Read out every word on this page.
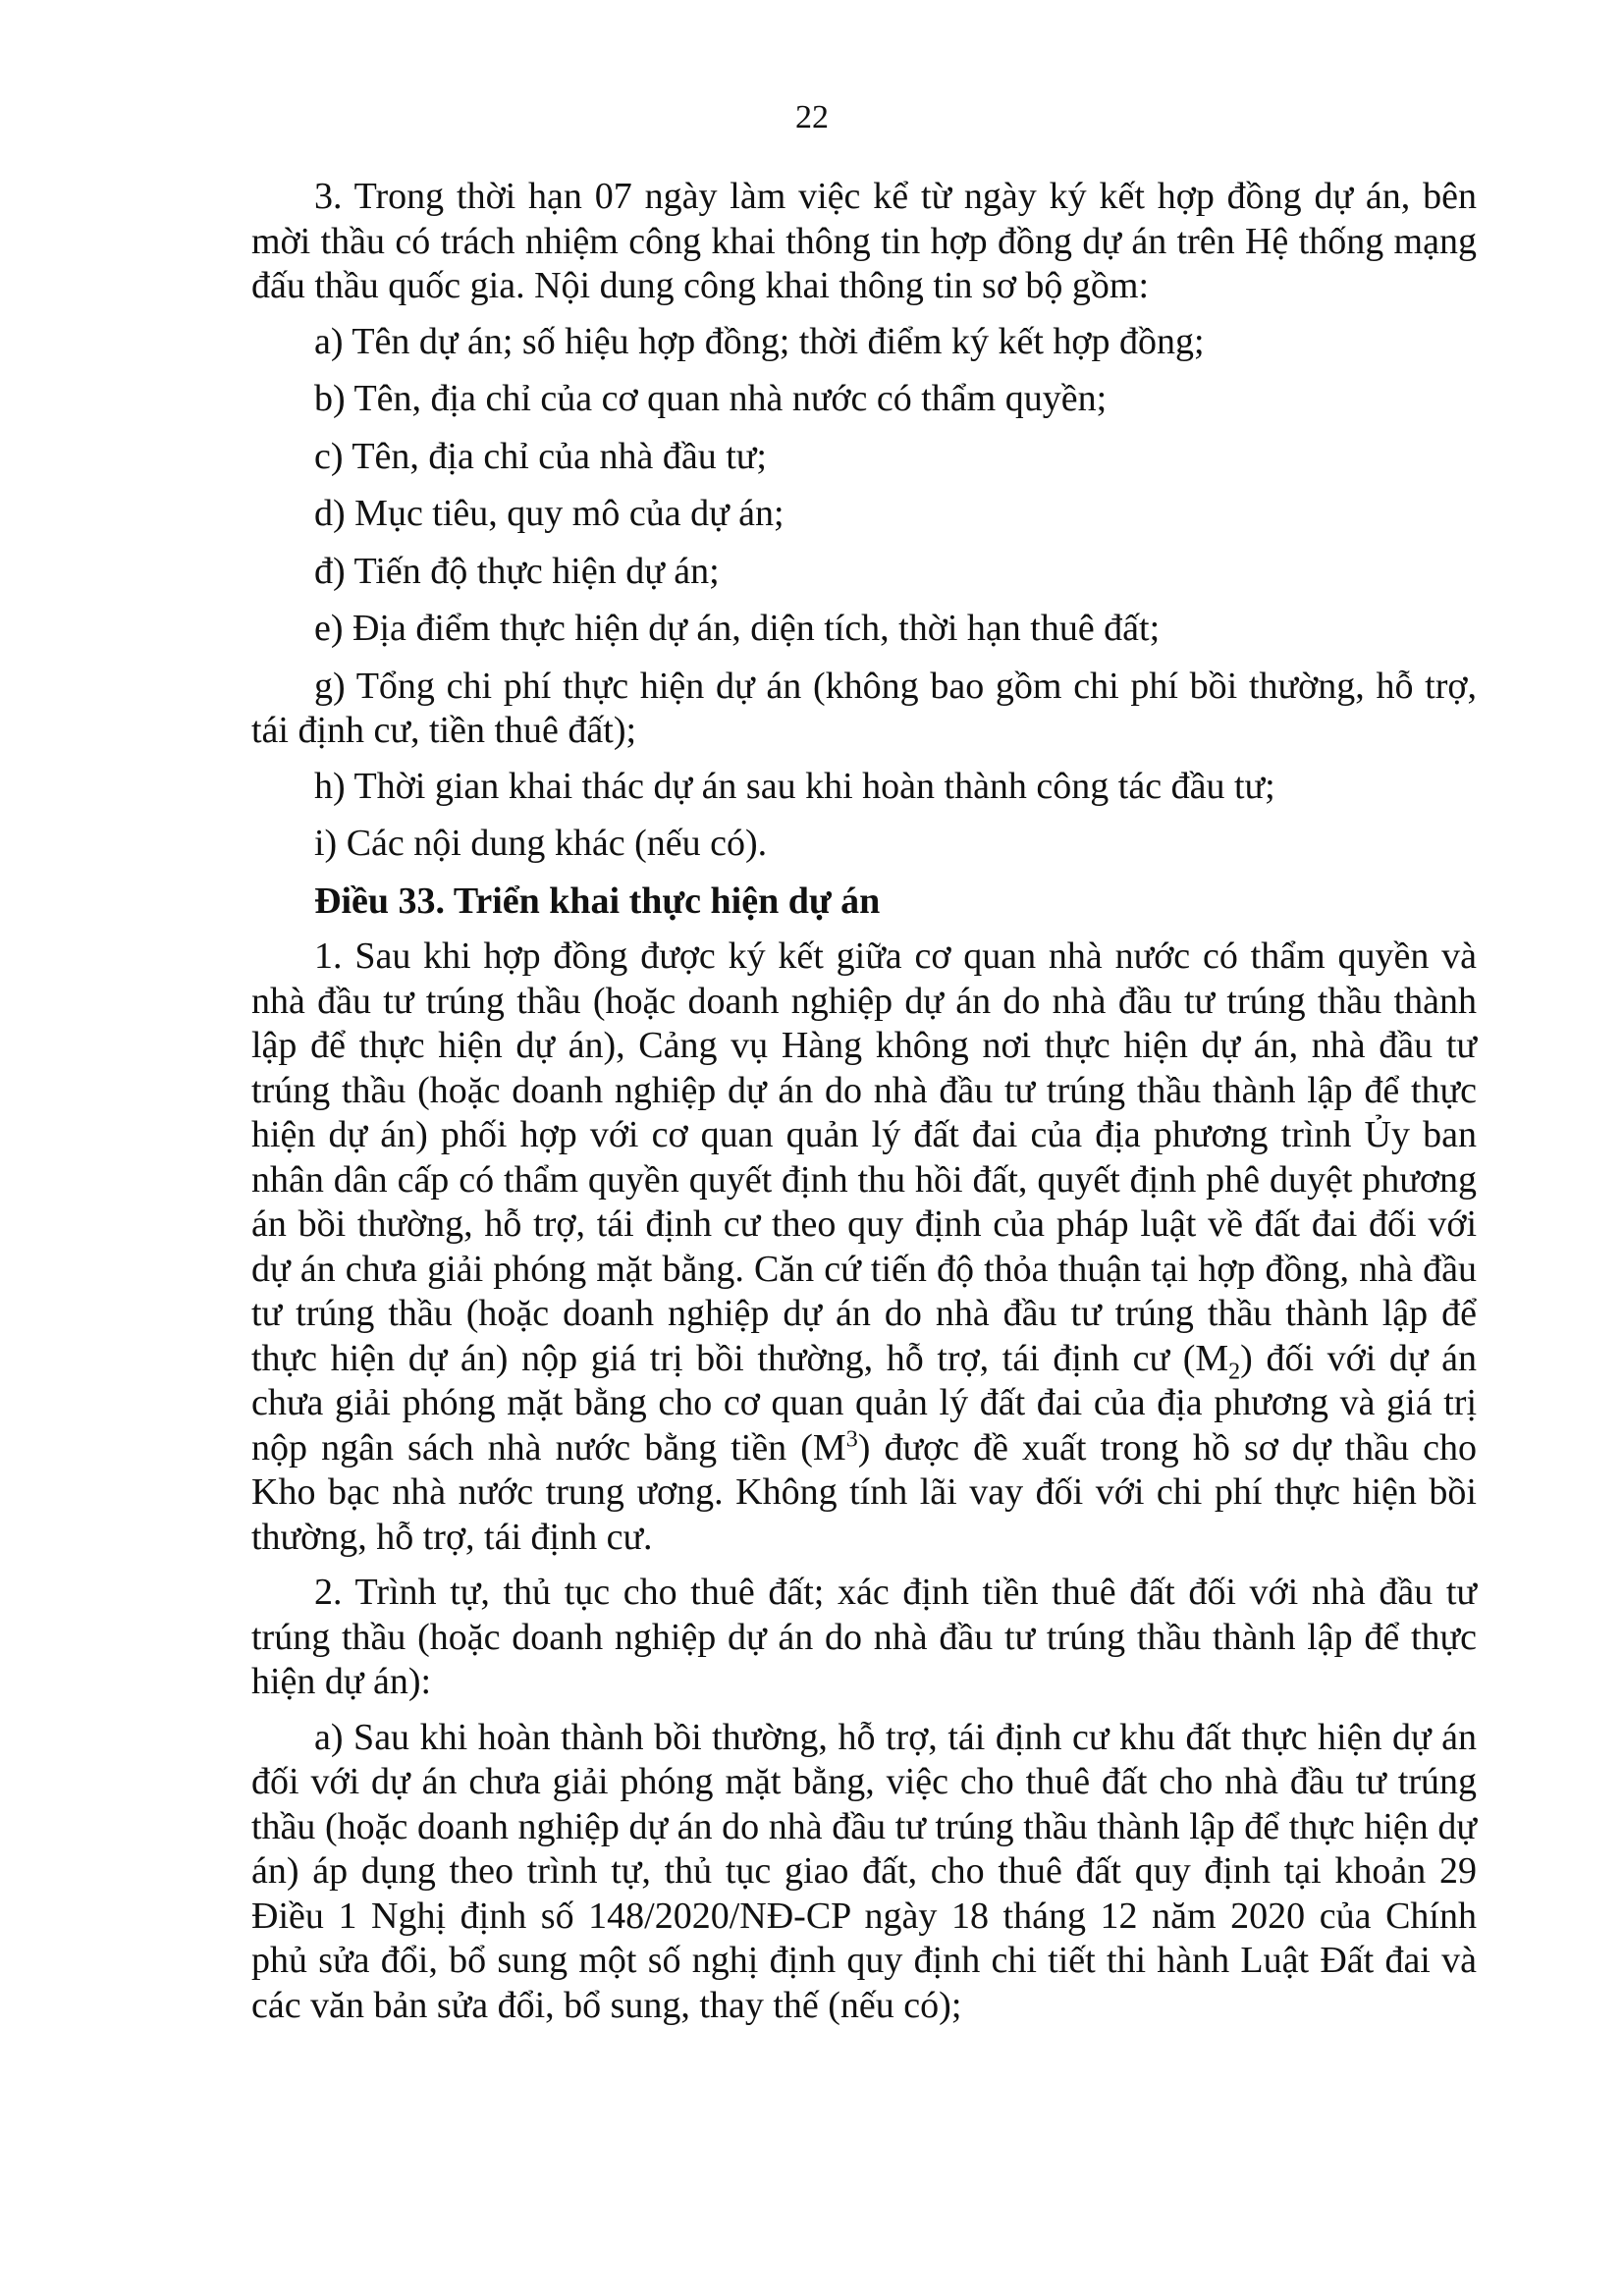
22

3. Trong thời hạn 07 ngày làm việc kể từ ngày ký kết hợp đồng dự án, bên mời thầu có trách nhiệm công khai thông tin hợp đồng dự án trên Hệ thống mạng đấu thầu quốc gia. Nội dung công khai thông tin sơ bộ gồm:

a) Tên dự án; số hiệu hợp đồng; thời điểm ký kết hợp đồng;

b) Tên, địa chỉ của cơ quan nhà nước có thẩm quyền;

c) Tên, địa chỉ của nhà đầu tư;

d) Mục tiêu, quy mô của dự án;

đ) Tiến độ thực hiện dự án;

e) Địa điểm thực hiện dự án, diện tích, thời hạn thuê đất;

g) Tổng chi phí thực hiện dự án (không bao gồm chi phí bồi thường, hỗ trợ, tái định cư, tiền thuê đất);

h) Thời gian khai thác dự án sau khi hoàn thành công tác đầu tư;

i) Các nội dung khác (nếu có).

Điều 33. Triển khai thực hiện dự án

1. Sau khi hợp đồng được ký kết giữa cơ quan nhà nước có thẩm quyền và nhà đầu tư trúng thầu (hoặc doanh nghiệp dự án do nhà đầu tư trúng thầu thành lập để thực hiện dự án), Cảng vụ Hàng không nơi thực hiện dự án, nhà đầu tư trúng thầu (hoặc doanh nghiệp dự án do nhà đầu tư trúng thầu thành lập để thực hiện dự án) phối hợp với cơ quan quản lý đất đai của địa phương trình Ủy ban nhân dân cấp có thẩm quyền quyết định thu hồi đất, quyết định phê duyệt phương án bồi thường, hỗ trợ, tái định cư theo quy định của pháp luật về đất đai đối với dự án chưa giải phóng mặt bằng. Căn cứ tiến độ thỏa thuận tại hợp đồng, nhà đầu tư trúng thầu (hoặc doanh nghiệp dự án do nhà đầu tư trúng thầu thành lập để thực hiện dự án) nộp giá trị bồi thường, hỗ trợ, tái định cư $(M_2)$ đối với dự án chưa giải phóng mặt bằng cho cơ quan quản lý đất đai của địa phương và giá trị nộp ngân sách nhà nước bằng tiền $(M^3)$ được đề xuất trong hồ sơ dự thầu cho Kho bạc nhà nước trung ương. Không tính lãi vay đối với chi phí thực hiện bồi thường, hỗ trợ, tái định cư.

2. Trình tự, thủ tục cho thuê đất; xác định tiền thuê đất đối với nhà đầu tư trúng thầu (hoặc doanh nghiệp dự án do nhà đầu tư trúng thầu thành lập để thực hiện dự án):

a) Sau khi hoàn thành bồi thường, hỗ trợ, tái định cư khu đất thực hiện dự án đối với dự án chưa giải phóng mặt bằng, việc cho thuê đất cho nhà đầu tư trúng thầu (hoặc doanh nghiệp dự án do nhà đầu tư trúng thầu thành lập để thực hiện dự án) áp dụng theo trình tự, thủ tục giao đất, cho thuê đất quy định tại khoản 29 Điều 1 Nghị định số 148/2020/NĐ-CP ngày 18 tháng 12 năm 2020 của Chính phủ sửa đổi, bổ sung một số nghị định quy định chi tiết thi hành Luật Đất đai và các văn bản sửa đổi, bổ sung, thay thế (nếu có);
